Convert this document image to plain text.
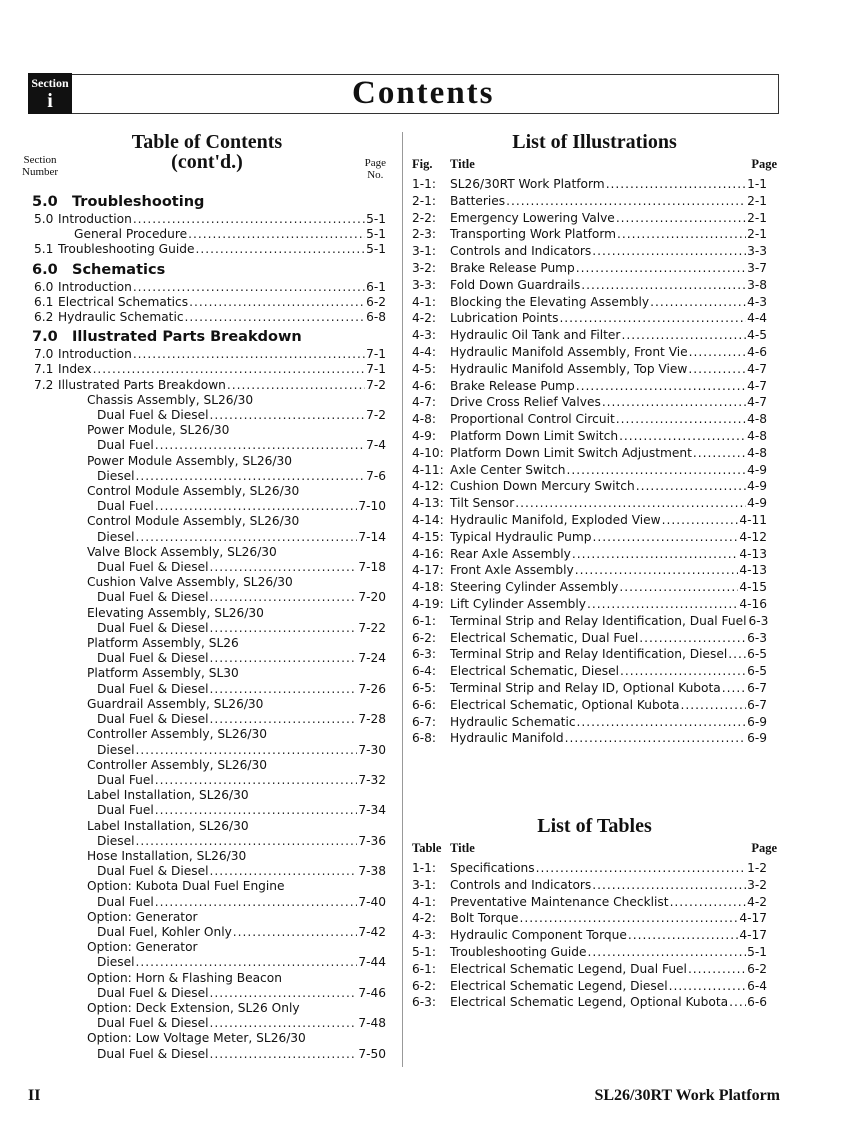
Section
i	Contents
Table of Contents
Section
Number	(cont'd.)	Page
No.
5.0 Troubleshooting
5.0 Introduction .....	5-1
General Procedure .....	5-1
5.1 Troubleshooting Guide .....	5-1
6.0 Schematics
6.0 Introduction .....	6-1
6.1 Electrical Schematics .....	6-2
6.2 Hydraulic Schematic .....	6-8
7.0 Illustrated Parts Breakdown
7.0 Introduction .....	7-1
7.1 Index .....	7-1
7.2 Illustrated Parts Breakdown .....	7-2
Chassis Assembly, SL26/30
Dual Fuel & Diesel .....	7-2
Power Module, SL26/30
Dual Fuel .....	7-4
Power Module Assembly, SL26/30
Diesel .....	7-6
Control Module Assembly, SL26/30
Dual Fuel .....	7-10
Control Module Assembly, SL26/30
Diesel .....	7-14
Valve Block Assembly, SL26/30
Dual Fuel & Diesel .....	7-18
Cushion Valve Assembly, SL26/30
Dual Fuel & Diesel .....	7-20
Elevating Assembly, SL26/30
Dual Fuel & Diesel .....	7-22
Platform Assembly, SL26
Dual Fuel & Diesel .....	7-24
Platform Assembly, SL30
Dual Fuel & Diesel .....	7-26
Guardrail Assembly, SL26/30
Dual Fuel & Diesel .....	7-28
Controller Assembly, SL26/30
Diesel .....	7-30
Controller Assembly, SL26/30
Dual Fuel .....	7-32
Label Installation, SL26/30
Dual Fuel .....	7-34
Label Installation, SL26/30
Diesel .....	7-36
Hose Installation, SL26/30
Dual Fuel & Diesel .....	7-38
Option: Kubota Dual Fuel Engine
Dual Fuel .....	7-40
Option: Generator
Dual Fuel, Kohler Only .....	7-42
Option: Generator
Diesel .....	7-44
Option: Horn & Flashing Beacon
Dual Fuel & Diesel .....	7-46
Option: Deck Extension, SL26 Only
Dual Fuel & Diesel .....	7-48
Option: Low Voltage Meter, SL26/30
Dual Fuel & Diesel .....	7-50
List of Illustrations
Fig.	Title	Page
1-1:	SL26/30RT Work Platform .....	1-1
2-1:	Batteries .....	2-1
2-2:	Emergency Lowering Valve .....	2-1
2-3:	Transporting Work Platform .....	2-1
3-1:	Controls and Indicators .....	3-3
3-2:	Brake Release Pump .....	3-7
3-3:	Fold Down Guardrails .....	3-8
4-1:	Blocking the Elevating Assembly .....	4-3
4-2:	Lubrication Points .....	4-4
4-3:	Hydraulic Oil Tank and Filter .....	4-5
4-4:	Hydraulic Manifold Assembly, Front Vie .....	4-6
4-5:	Hydraulic Manifold Assembly, Top View .....	4-7
4-6:	Brake Release Pump .....	4-7
4-7:	Drive Cross Relief Valves .....	4-7
4-8:	Proportional Control Circuit .....	4-8
4-9:	Platform Down Limit Switch .....	4-8
4-10: Platform Down Limit Switch Adjustment .....	4-8
4-11: Axle Center Switch .....	4-9
4-12: Cushion Down Mercury Switch .....	4-9
4-13: Tilt Sensor .....	4-9
4-14: Hydraulic Manifold, Exploded View .....	4-11
4-15: Typical Hydraulic Pump .....	4-12
4-16: Rear Axle Assembly .....	4-13
4-17: Front Axle Assembly .....	4-13
4-18: Steering Cylinder Assembly .....	4-15
4-19: Lift Cylinder Assembly .....	4-16
6-1:	Terminal Strip and Relay Identification, Dual Fuel 6-3
6-2:	Electrical Schematic, Dual Fuel .....	6-3
6-3:	Terminal Strip and Relay Identification, Diesel ..... 6-5
6-4:	Electrical Schematic, Diesel .....	6-5
6-5:	Terminal Strip and Relay ID, Optional Kubota ..... 6-7
6-6:	Electrical Schematic, Optional Kubota .....	6-7
6-7:	Hydraulic Schematic .....	6-9
6-8:	Hydraulic Manifold .....	6-9
List of Tables
Table Title	Page
1-1:	Specifications .....	1-2
3-1:	Controls and Indicators .....	3-2
4-1:	Preventative Maintenance Checklist .....	4-2
4-2:	Bolt Torque .....	4-17
4-3:	Hydraulic Component Torque .....	4-17
5-1:	Troubleshooting Guide .....	5-1
6-1:	Electrical Schematic Legend, Dual Fuel .....	6-2
6-2:	Electrical Schematic Legend, Diesel .....	6-4
6-3:	Electrical Schematic Legend, Optional Kubota ..... 6-6
II	SL26/30RT Work Platform
